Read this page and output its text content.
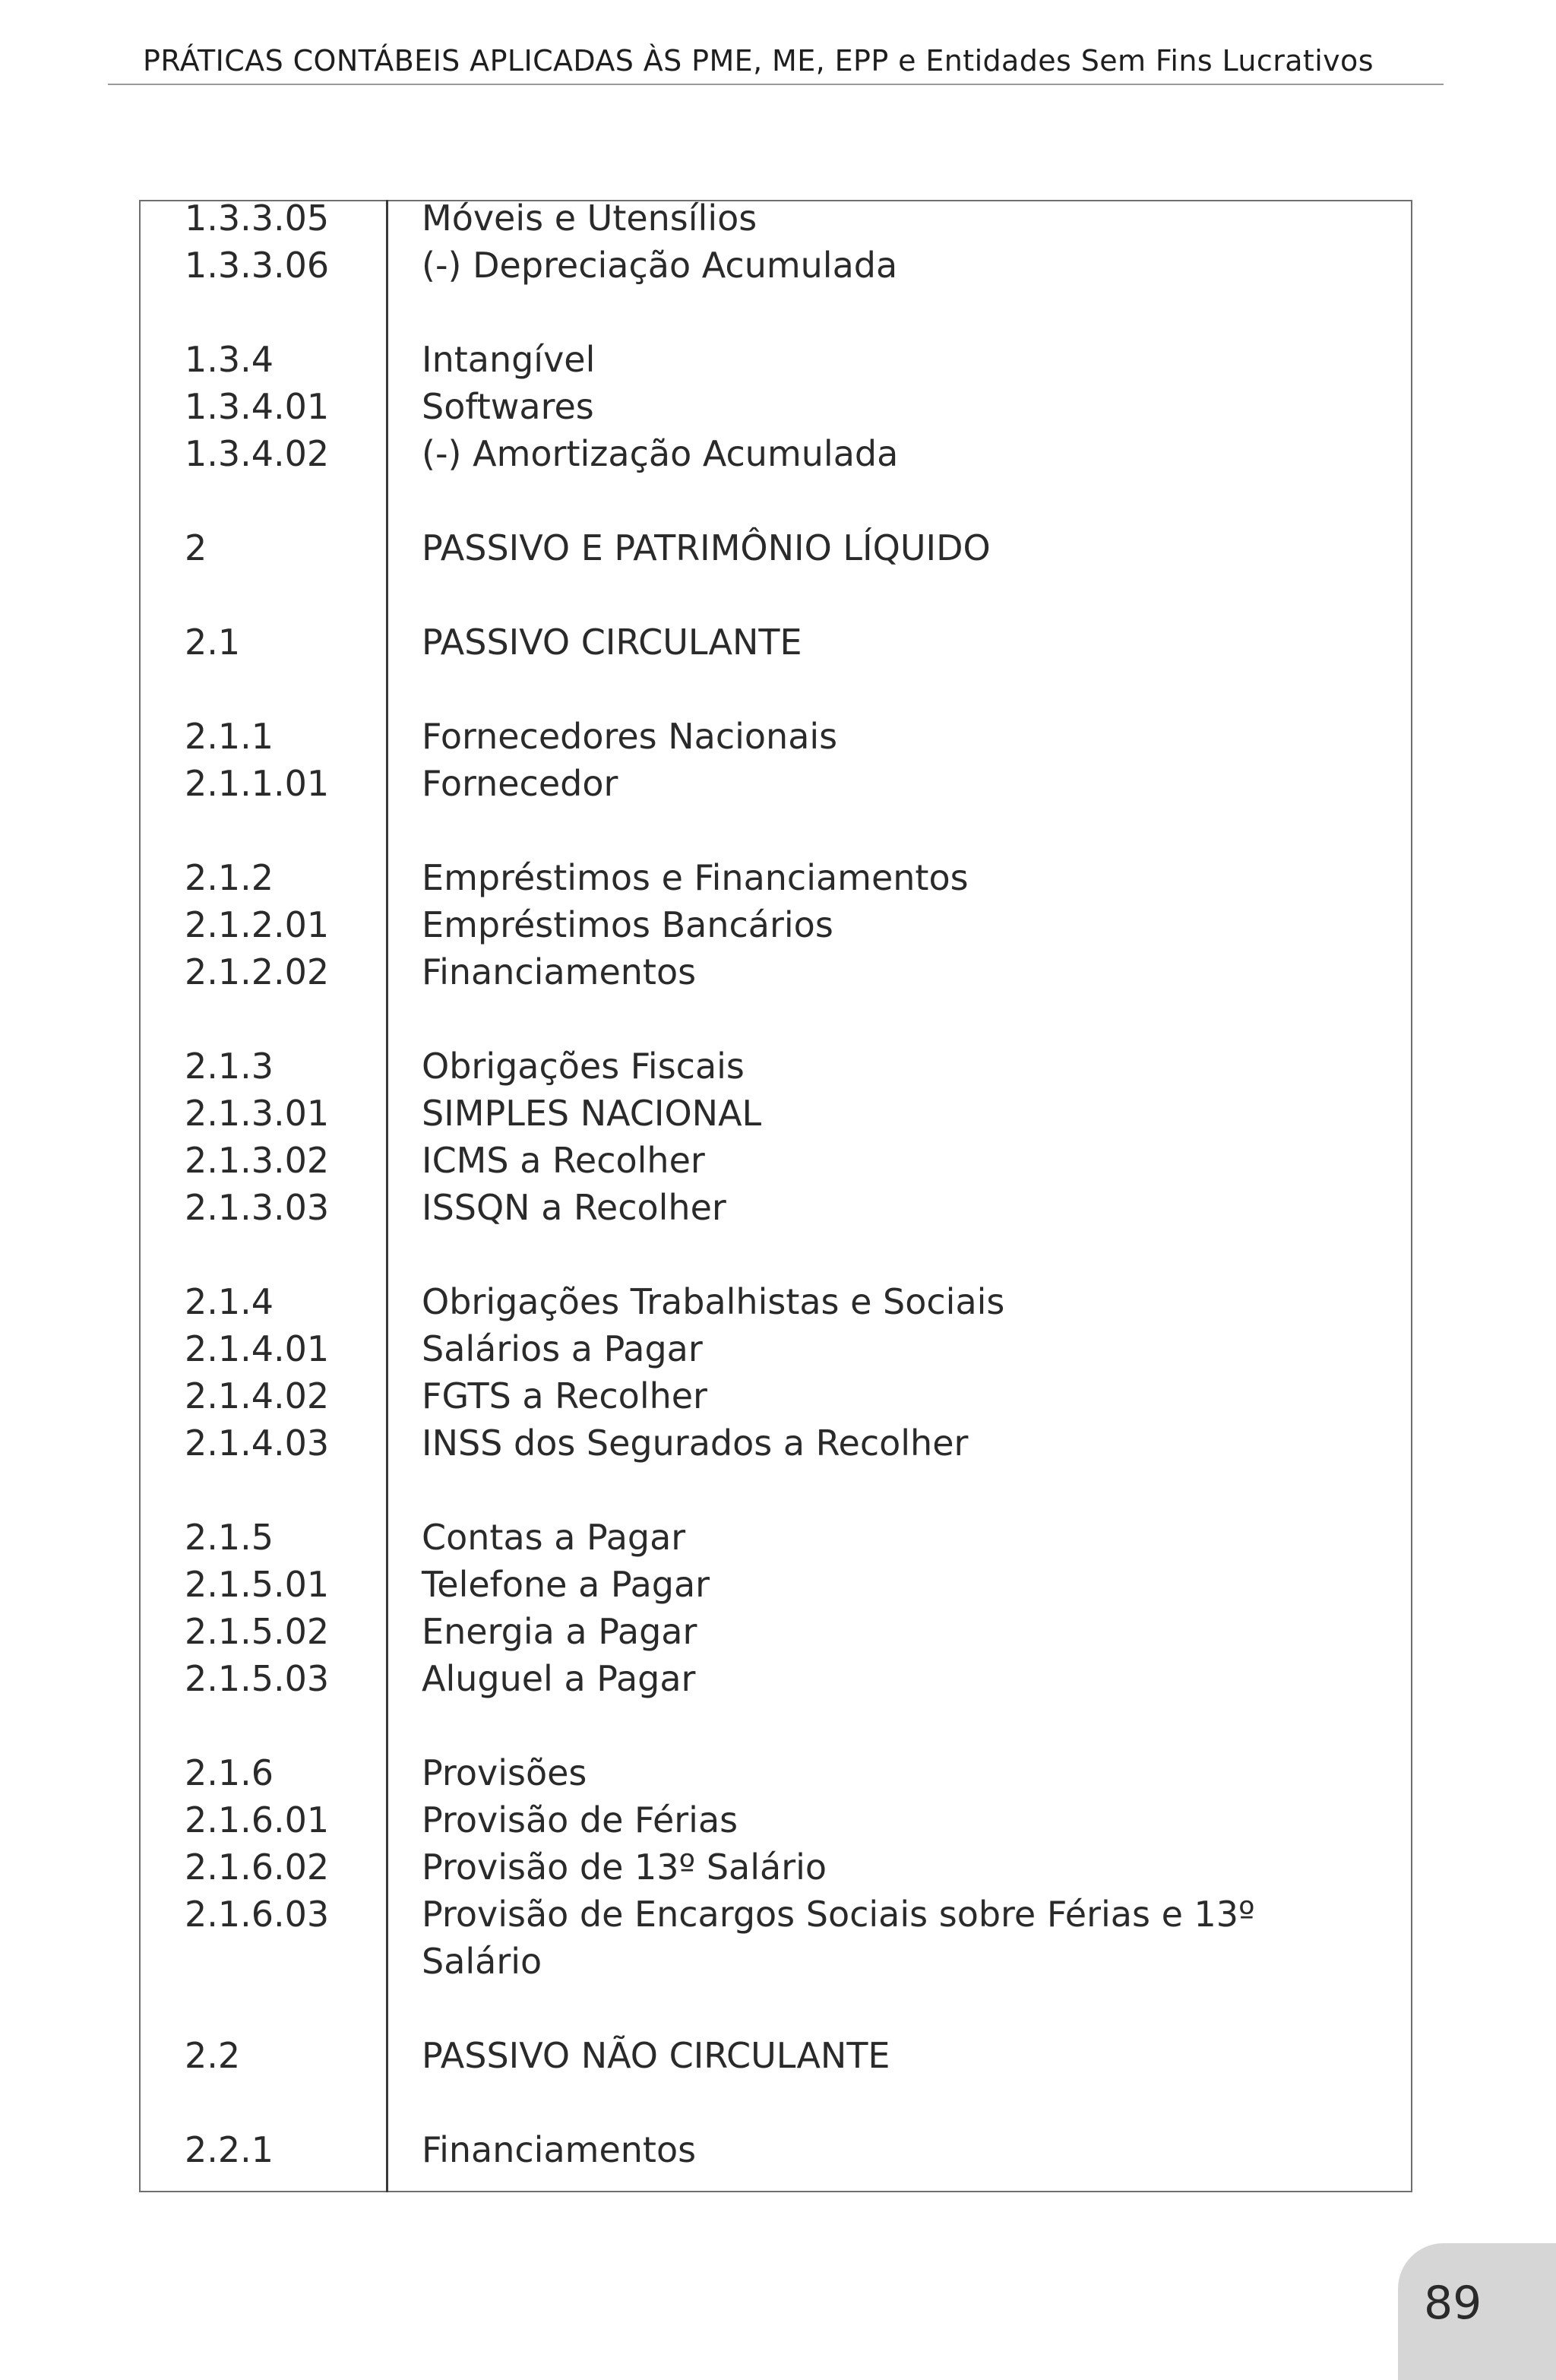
PRÁTICAS CONTÁBEIS APLICADAS ÀS PME, ME, EPP e Entidades Sem Fins Lucrativos
1.3.3.05	Móveis e Utensílios
1.3.3.06	(-) Depreciação Acumulada
1.3.4	Intangível
1.3.4.01	Softwares
1.3.4.02	(-) Amortização Acumulada
2	PASSIVO E PATRIMÔNIO LÍQUIDO
2.1	PASSIVO CIRCULANTE
2.1.1	Fornecedores Nacionais
2.1.1.01	Fornecedor
2.1.2	Empréstimos e Financiamentos
2.1.2.01	Empréstimos Bancários
2.1.2.02	Financiamentos
2.1.3	Obrigações Fiscais
2.1.3.01	SIMPLES NACIONAL
2.1.3.02	ICMS a Recolher
2.1.3.03	ISSQN a Recolher
2.1.4	Obrigações Trabalhistas e Sociais
2.1.4.01	Salários a Pagar
2.1.4.02	FGTS a Recolher
2.1.4.03	INSS dos Segurados a Recolher
2.1.5	Contas a Pagar
2.1.5.01	Telefone a Pagar
2.1.5.02	Energia a Pagar
2.1.5.03	Aluguel a Pagar
2.1.6	Provisões
2.1.6.01	Provisão de Férias
2.1.6.02	Provisão de 13º Salário
2.1.6.03	Provisão de Encargos Sociais sobre Férias e 13º
Salário
2.2	PASSIVO NÃO CIRCULANTE
2.2.1	Financiamentos
89
